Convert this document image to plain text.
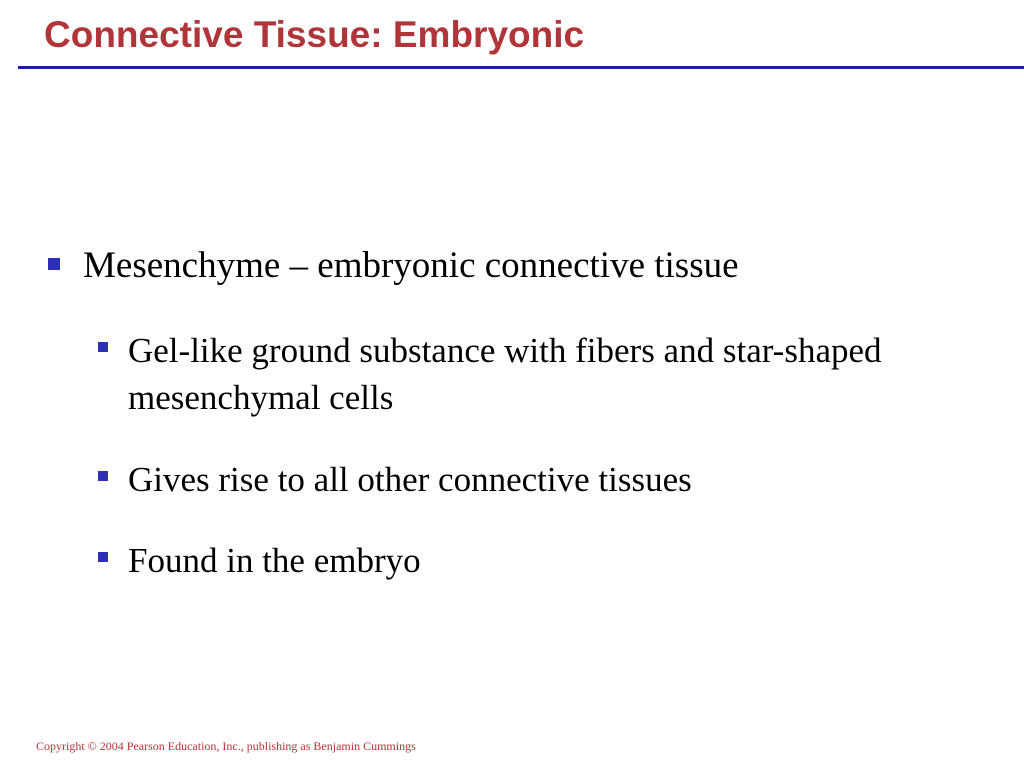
Connective Tissue: Embryonic
Mesenchyme – embryonic connective tissue
Gel-like ground substance with fibers and star-shaped mesenchymal cells
Gives rise to all other connective tissues
Found in the embryo
Copyright © 2004 Pearson Education, Inc., publishing as Benjamin Cummings
